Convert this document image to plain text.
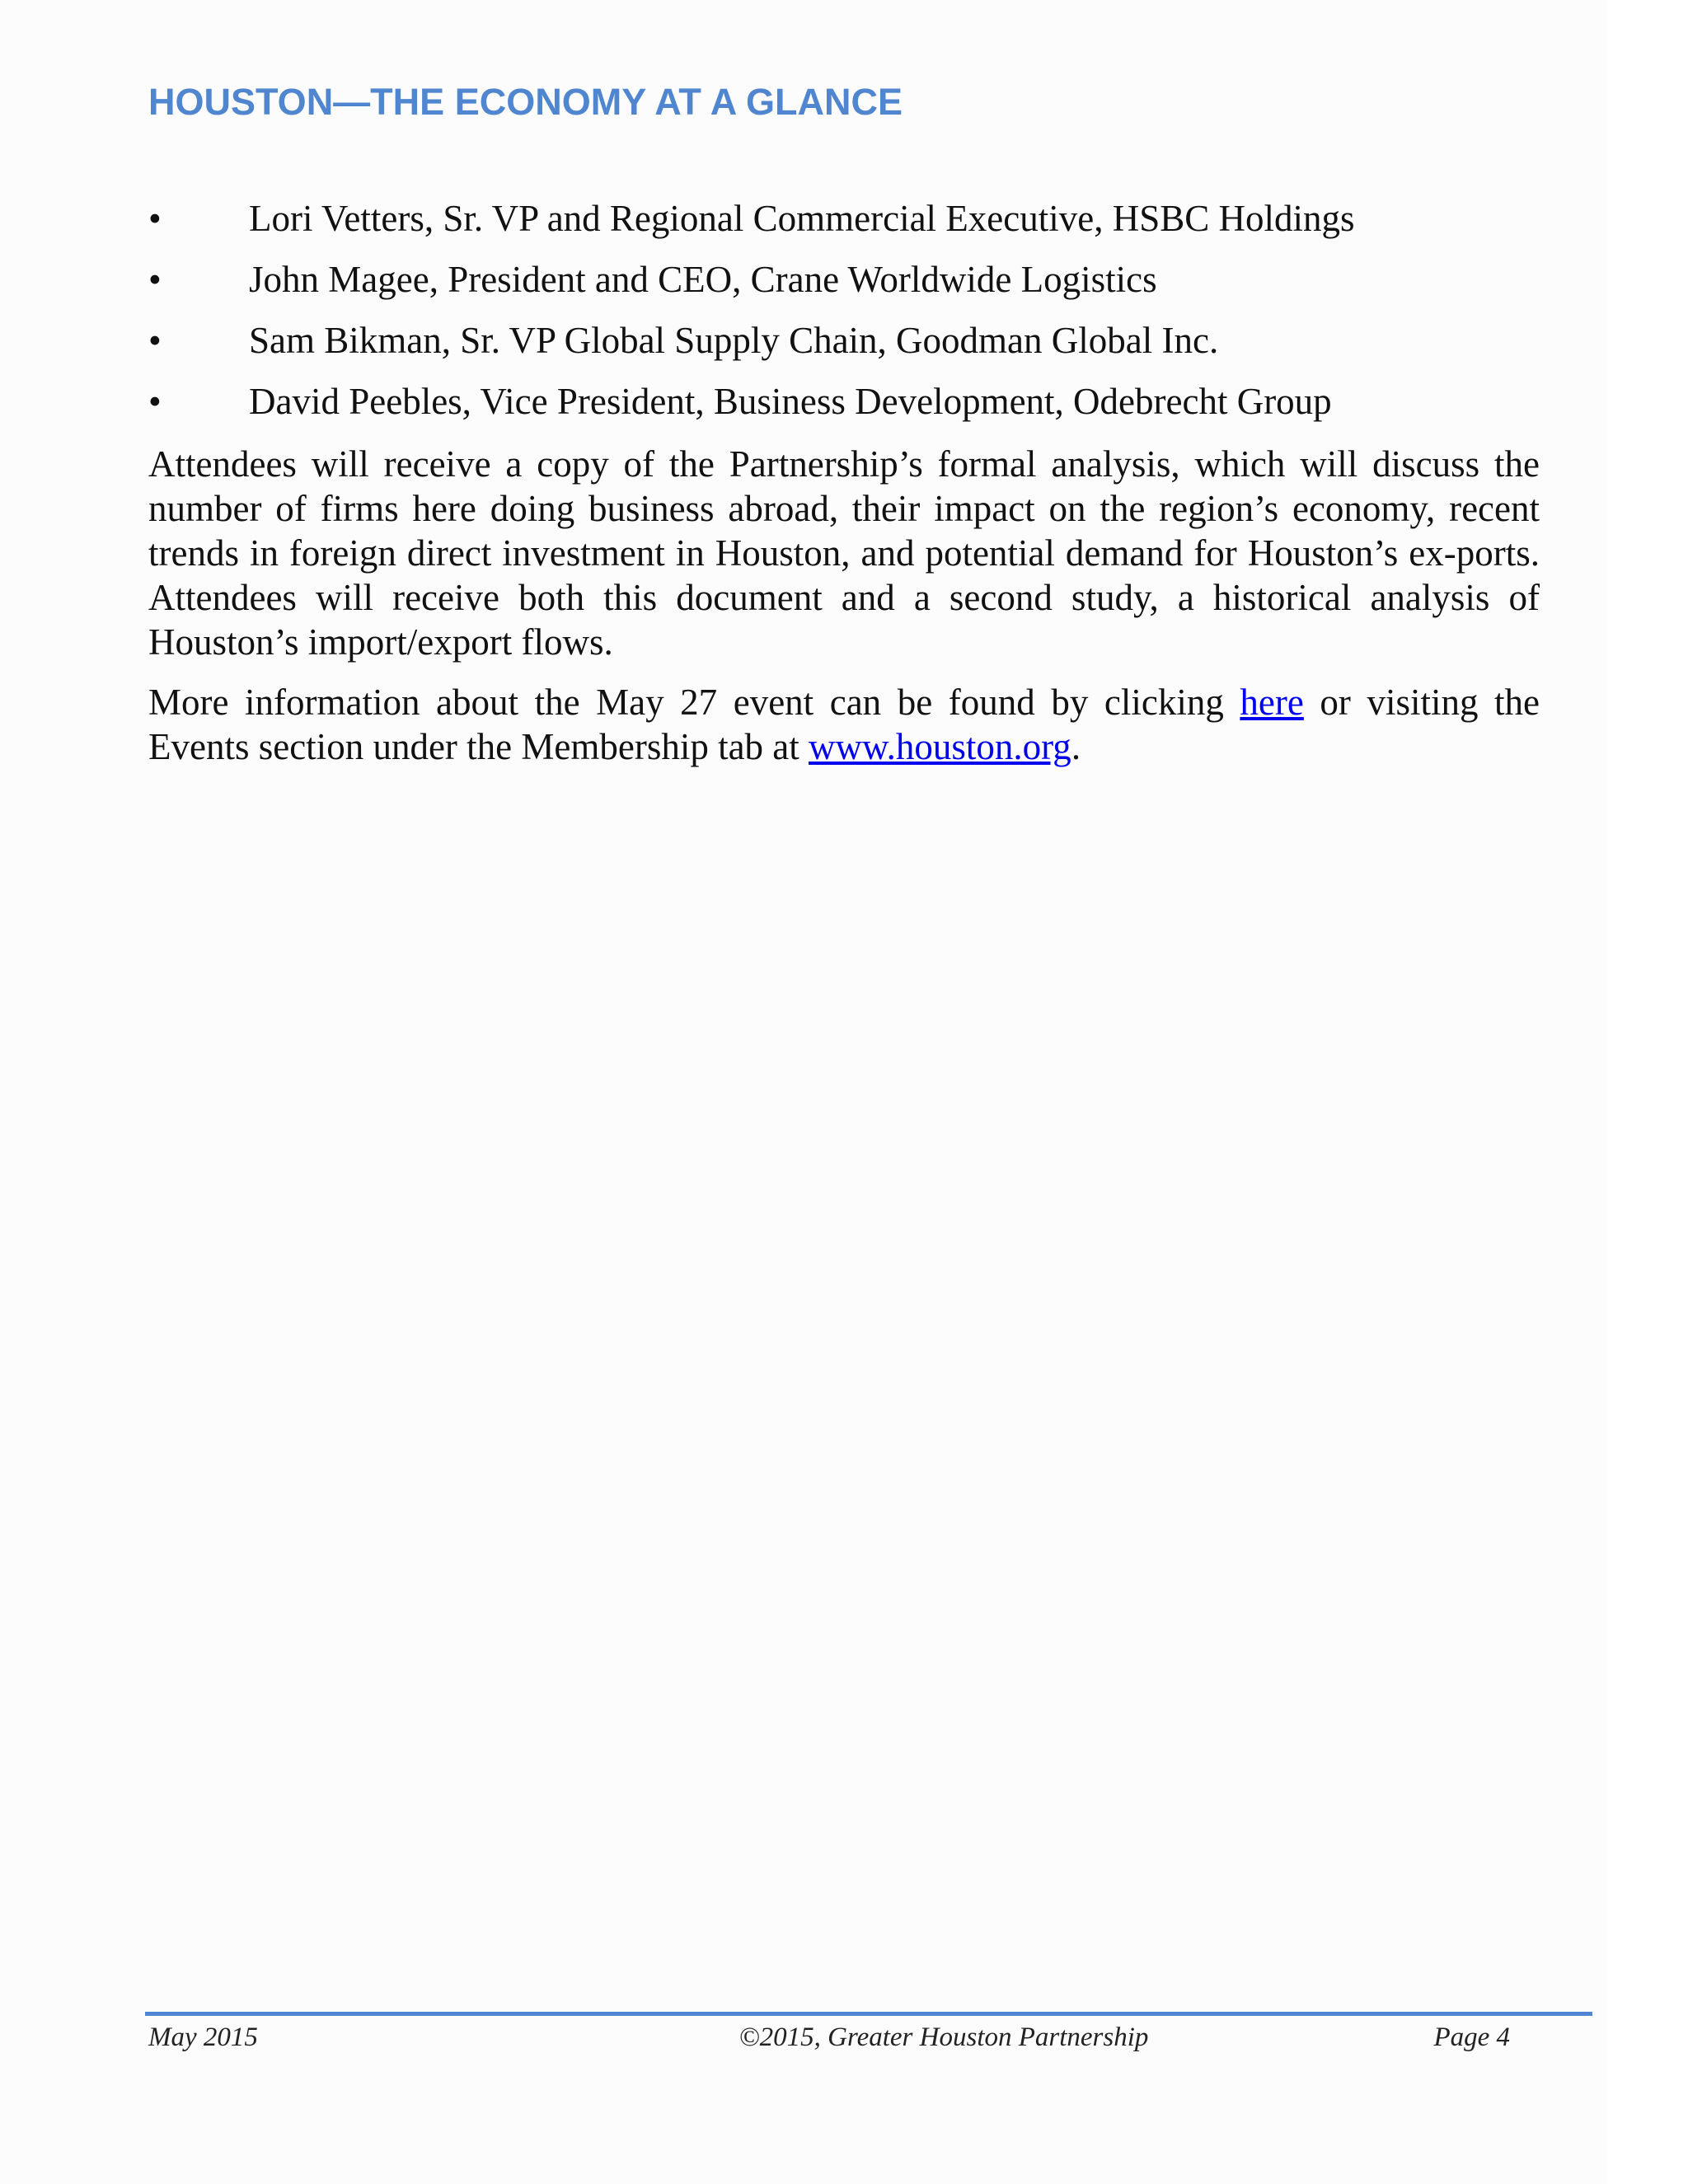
HOUSTON—THE ECONOMY AT A GLANCE
•	Lori Vetters, Sr. VP and Regional Commercial Executive, HSBC Holdings
•	John Magee, President and CEO, Crane Worldwide Logistics
•	Sam Bikman, Sr. VP Global Supply Chain, Goodman Global Inc.
•	David Peebles, Vice President, Business Development, Odebrecht Group

Attendees will receive a copy of the Partnership’s formal analysis, which will discuss the number of firms here doing business abroad, their impact on the region’s economy, recent trends in foreign direct investment in Houston, and potential demand for Houston’s ex-ports. Attendees will receive both this document and a second study, a historical analysis of Houston’s import/export flows.

More information about the May 27 event can be found by clicking here or visiting the Events section under the Membership tab at www.houston.org.

May 2015	©2015, Greater Houston Partnership	Page 4
